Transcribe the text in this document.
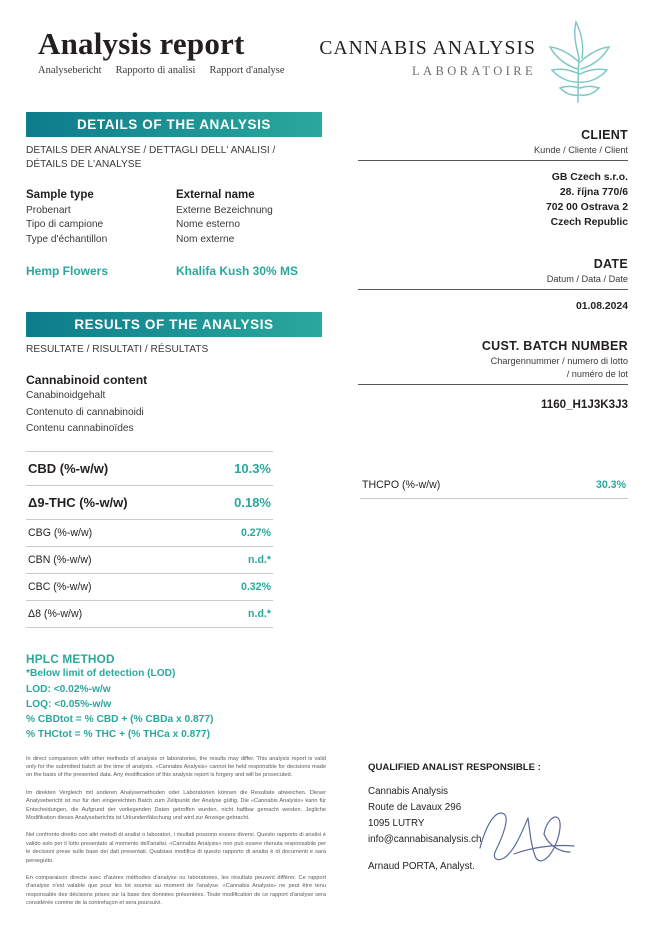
Analysis report
Analysebericht Rapporto di analisi Rapport d'analyse
CANNABIS ANALYSIS
LABORATOIRE
DETAILS OF THE ANALYSIS
DETAILS DER ANALYSE / DETTAGLI DELL' ANALISI /
DÉTAILS DE L'ANALYSE
Sample type
Probenart
Tipo di campione
Type d'échantillon
Hemp Flowers
External name
Externe Bezeichnung
Nome esterno
Nom externe
Khalifa Kush 30% MS
RESULTS OF THE ANALYSIS
RESULTATE / RISULTATI / RÉSULTATS
Cannabinoid content
Canabinoidgehalt
Contenuto di cannabinoidi
Contenu cannabinoïdes
CBD (%-w/w)	10.3%
Δ9-THC (%-w/w)	0.18%
CBG (%-w/w)	0.27%
CBN (%-w/w)	n.d.*
CBC (%-w/w)	0.32%
Δ8 (%-w/w)	n.d.*
HPLC METHOD
*Below limit of detection (LOD)
LOD: <0.02%-w/w
LOQ: <0.05%-w/w
% CBDtot = % CBD + (% CBDa x 0.877)
% THCtot = % THC + (% THCa x 0.877)

In direct comparison with other methods of analysis or laboratories, the results may differ. This analysis report is valid only for the submitted batch at the time of analysis. «Cannabis Analysis» cannot be held responsible for decisions made on the basis of the presented data. Any modification of this analysis report is forgery and will be prosecuted.

Im direkten Vergleich mit anderen Analysemethoden oder Laboratorien können die Resultate abweichen. Dieser Analysebericht ist nur für den eingereichten Batch zum Zeitpunkt der Analyse gültig. Die «Cannabis Analysis» kann für Entscheidungen, die Aufgrund der vorliegenden Daten getroffen wurden, nicht haftbar gemacht werden. Jegliche Modifikation dieses Analyseberichts ist Urkundenfälschung und wird zur Anzeige gebracht.

Nel confronto diretto con altri metodi di analisi o laboratori, i risultati possono essere diversi. Questo rapporto di analisi è valido solo per il lotto presentato al momento dell'analisi. «Cannabis Analysis» non può essere ritenuta responsabile per le decisioni prese sulle base dei dati presentati. Qualsiasi modifica di questo rapporto di analisi è di documenti e sarà perseguito.

En comparaison directe avec d'autres méthodes d'analyse ou laboratoires, les résultats peuvent différer. Ce rapport d'analyse n'est valable que pour les lot soumis au moment de l'analyse. «Cannabis Analysis» ne peut être tenu responsable des décisions prises sur la base des données présentées. Toute modification de ce rapport d'analyse sera considérée comme de la contrefaçon et sera poursuivi.

CLIENT
Kunde / Cliente / Client
GB Czech s.r.o.
28. října 770/6
702 00 Ostrava 2
Czech Republic
DATE
Datum / Data / Date
01.08.2024
CUST. BATCH NUMBER
Chargennummer / numero di lotto
/ numéro de lot
1160_H1J3K3J3
THCPO (%-w/w)	30.3%
QUALIFIED ANALIST RESPONSIBLE :
Cannabis Analysis
Route de Lavaux 296
1095 LUTRY
info@cannabisanalysis.ch
Arnaud PORTA, Analyst.
